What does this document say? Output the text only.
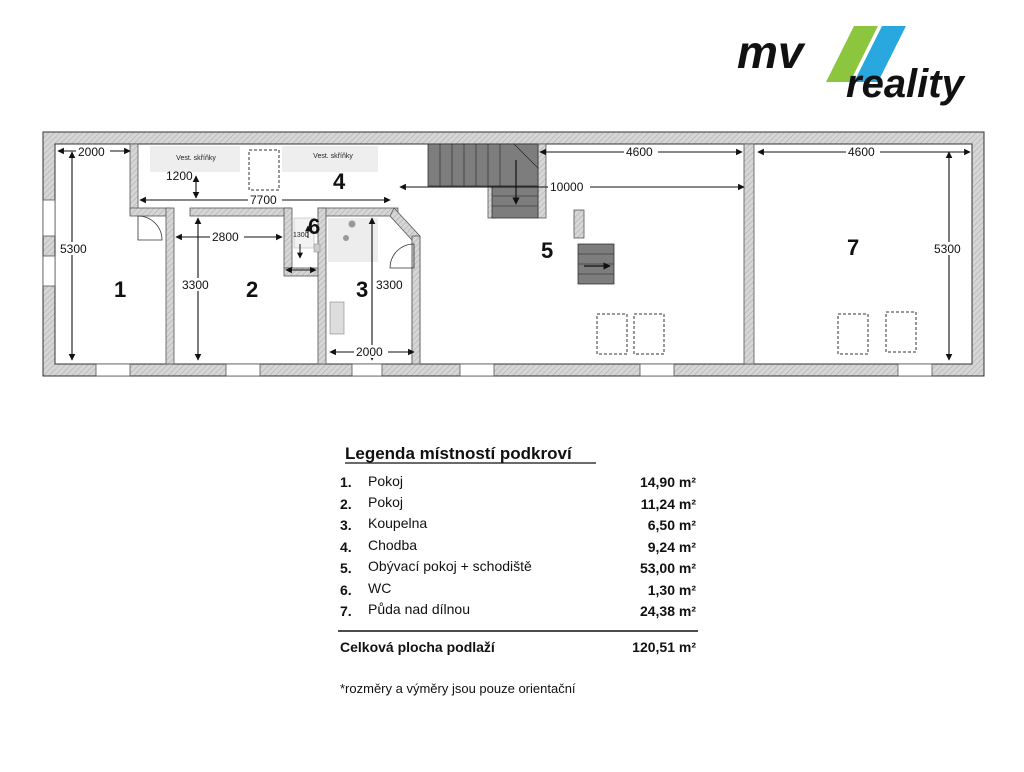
mv
reality
Vest. skříňky	Vest. skříňky
2000
1200
7700
5300
2800
3300	3300
1300
2000
10000
4600	4600
5300
1	2	3
4
5
6
7
Legenda místností podkroví
1. Pokoj	14,90 m²
2. Pokoj	11,24 m²
3. Koupelna	6,50 m²
4. Chodba	9,24 m²
5. Obývací pokoj + schodiště	53,00 m²
6. WC	1,30 m²
7. Půda nad dílnou	24,38 m²
Celková plocha podlaží	120,51 m²
*rozměry a výměry jsou pouze orientační
